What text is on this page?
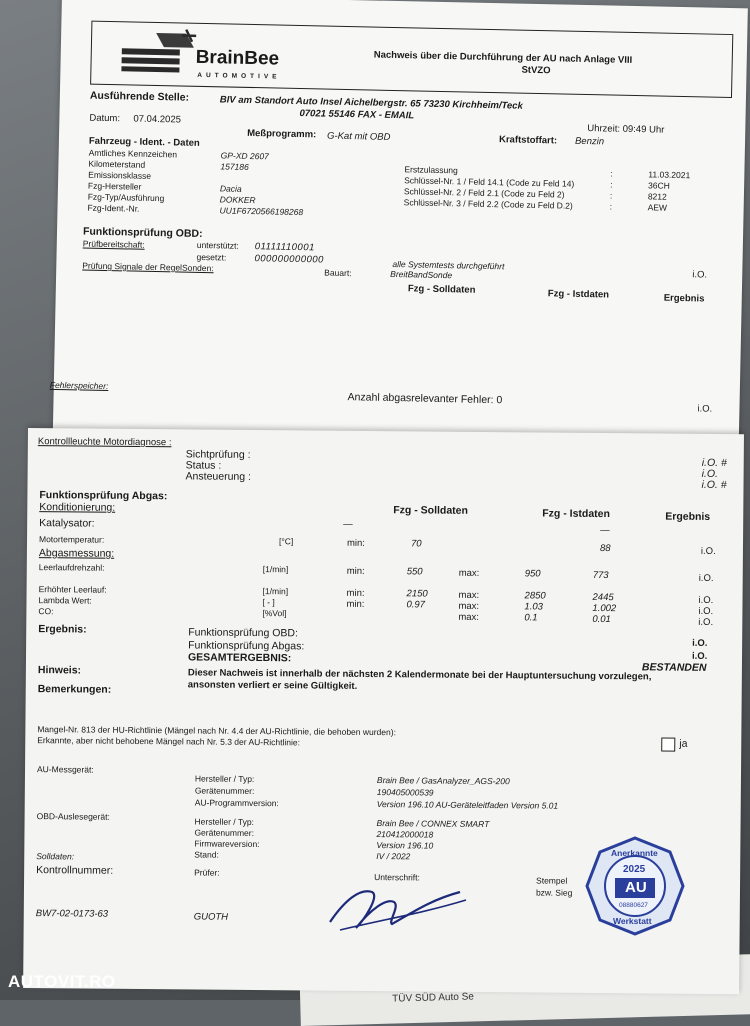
TÜV SÜD Auto Se
BrainBee
AUTOMOTIVE
Nachweis über die Durchführung der AU nach Anlage VIII
StVZO
Ausführende Stelle:	BIV am Standort Auto Insel Aichelbergstr. 65 73230 Kirchheim/Teck
07021 55146 FAX - EMAIL
Datum: 07.04.2025
Uhrzeit: 09:49 Uhr
Meßprogramm: G-Kat mit OBD	Kraftstoffart: Benzin
Fahrzeug - Ident. - Daten
Amtliches Kennzeichen	GP-XD 2607
Kilometerstand	157186
Emissionsklasse
Fzg-Hersteller	Dacia
Fzg-Typ/Ausführung	DOKKER
Fzg-Ident.-Nr.	UU1F6720566198268
Erstzulassung	:	11.03.2021
Schlüssel-Nr. 1 / Feld 14.1 (Code zu Feld 14)	:	36CH
Schlüssel-Nr. 2 / Feld 2.1 (Code zu Feld 2)	:	8212
Schlüssel-Nr. 3 / Feld 2.2 (Code zu Feld D.2)	:	AEW
Funktionsprüfung OBD:
Prüfbereitschaft:	unterstützt: 01111110001
gesetzt:	000000000000	alle Systemtests durchgeführt
i.O.
Prüfung Signale der RegelSonden:	Bauart:	BreitBandSonde
Fzg - Solldaten	Fzg - Istdaten	Ergebnis
Fehlerspeicher:
Anzahl abgasrelevanter Fehler: 0
i.O.
Kontrollleuchte Motordiagnose :
Sichtprüfung :
i.O. #
Status :
i.O.
Ansteuerung :
i.O. #
Funktionsprüfung Abgas:
Konditionierung:	Fzg - Solldaten	Fzg - Istdaten	Ergebnis
Katalysator:	—
—
Motortemperatur:	[°C]	min:	70	88	i.O.
Abgasmessung:
Leerlaufdrehzahl:	[1/min]	min:	550	max:	950	773	i.O.
Erhöhter Leerlauf:	[1/min]	min:	2150	max:	2850	2445	i.O.
Lambda Wert:	[ - ]	min:	0.97	max:	1.03	1.002	i.O.
CO:	[%Vol]	max:	0.1	0.01	i.O.
Ergebnis:	Funktionsprüfung OBD:
i.O.
Funktionsprüfung Abgas:
i.O.
GESAMTERGEBNIS:
BESTANDEN
Hinweis:	Dieser Nachweis ist innerhalb der nächsten 2 Kalendermonate bei der Hauptuntersuchung vorzulegen,
ansonsten verliert er seine Gültigkeit.
Bemerkungen:
Mangel-Nr. 813 der HU-Richtlinie (Mängel nach Nr. 4.4 der AU-Richtlinie, die behoben wurden):
Erkannte, aber nicht behobene Mängel nach Nr. 5.3 der AU-Richtlinie:	ja
AU-Messgerät:
Hersteller / Typ:	Brain Bee / GasAnalyzer_AGS-200
Gerätenummer:	190405000539
AU-Programmversion:	Version 196.10 AU-Geräteleitfaden Version 5.01
OBD-Auslesegerät:	Hersteller / Typ:	Brain Bee / CONNEX SMART
Gerätenummer:	210412000018
Firmwareversion:	Version 196.10
Stand:	IV / 2022
Solldaten:
Kontrollnummer:	Prüfer:	Unterschrift:	Stempel
bzw. Sieg
BW7-02-0173-63	GUOTH
Anerkannte
2025
AU
08880627
Werkstatt
AUTOVIT.RO
